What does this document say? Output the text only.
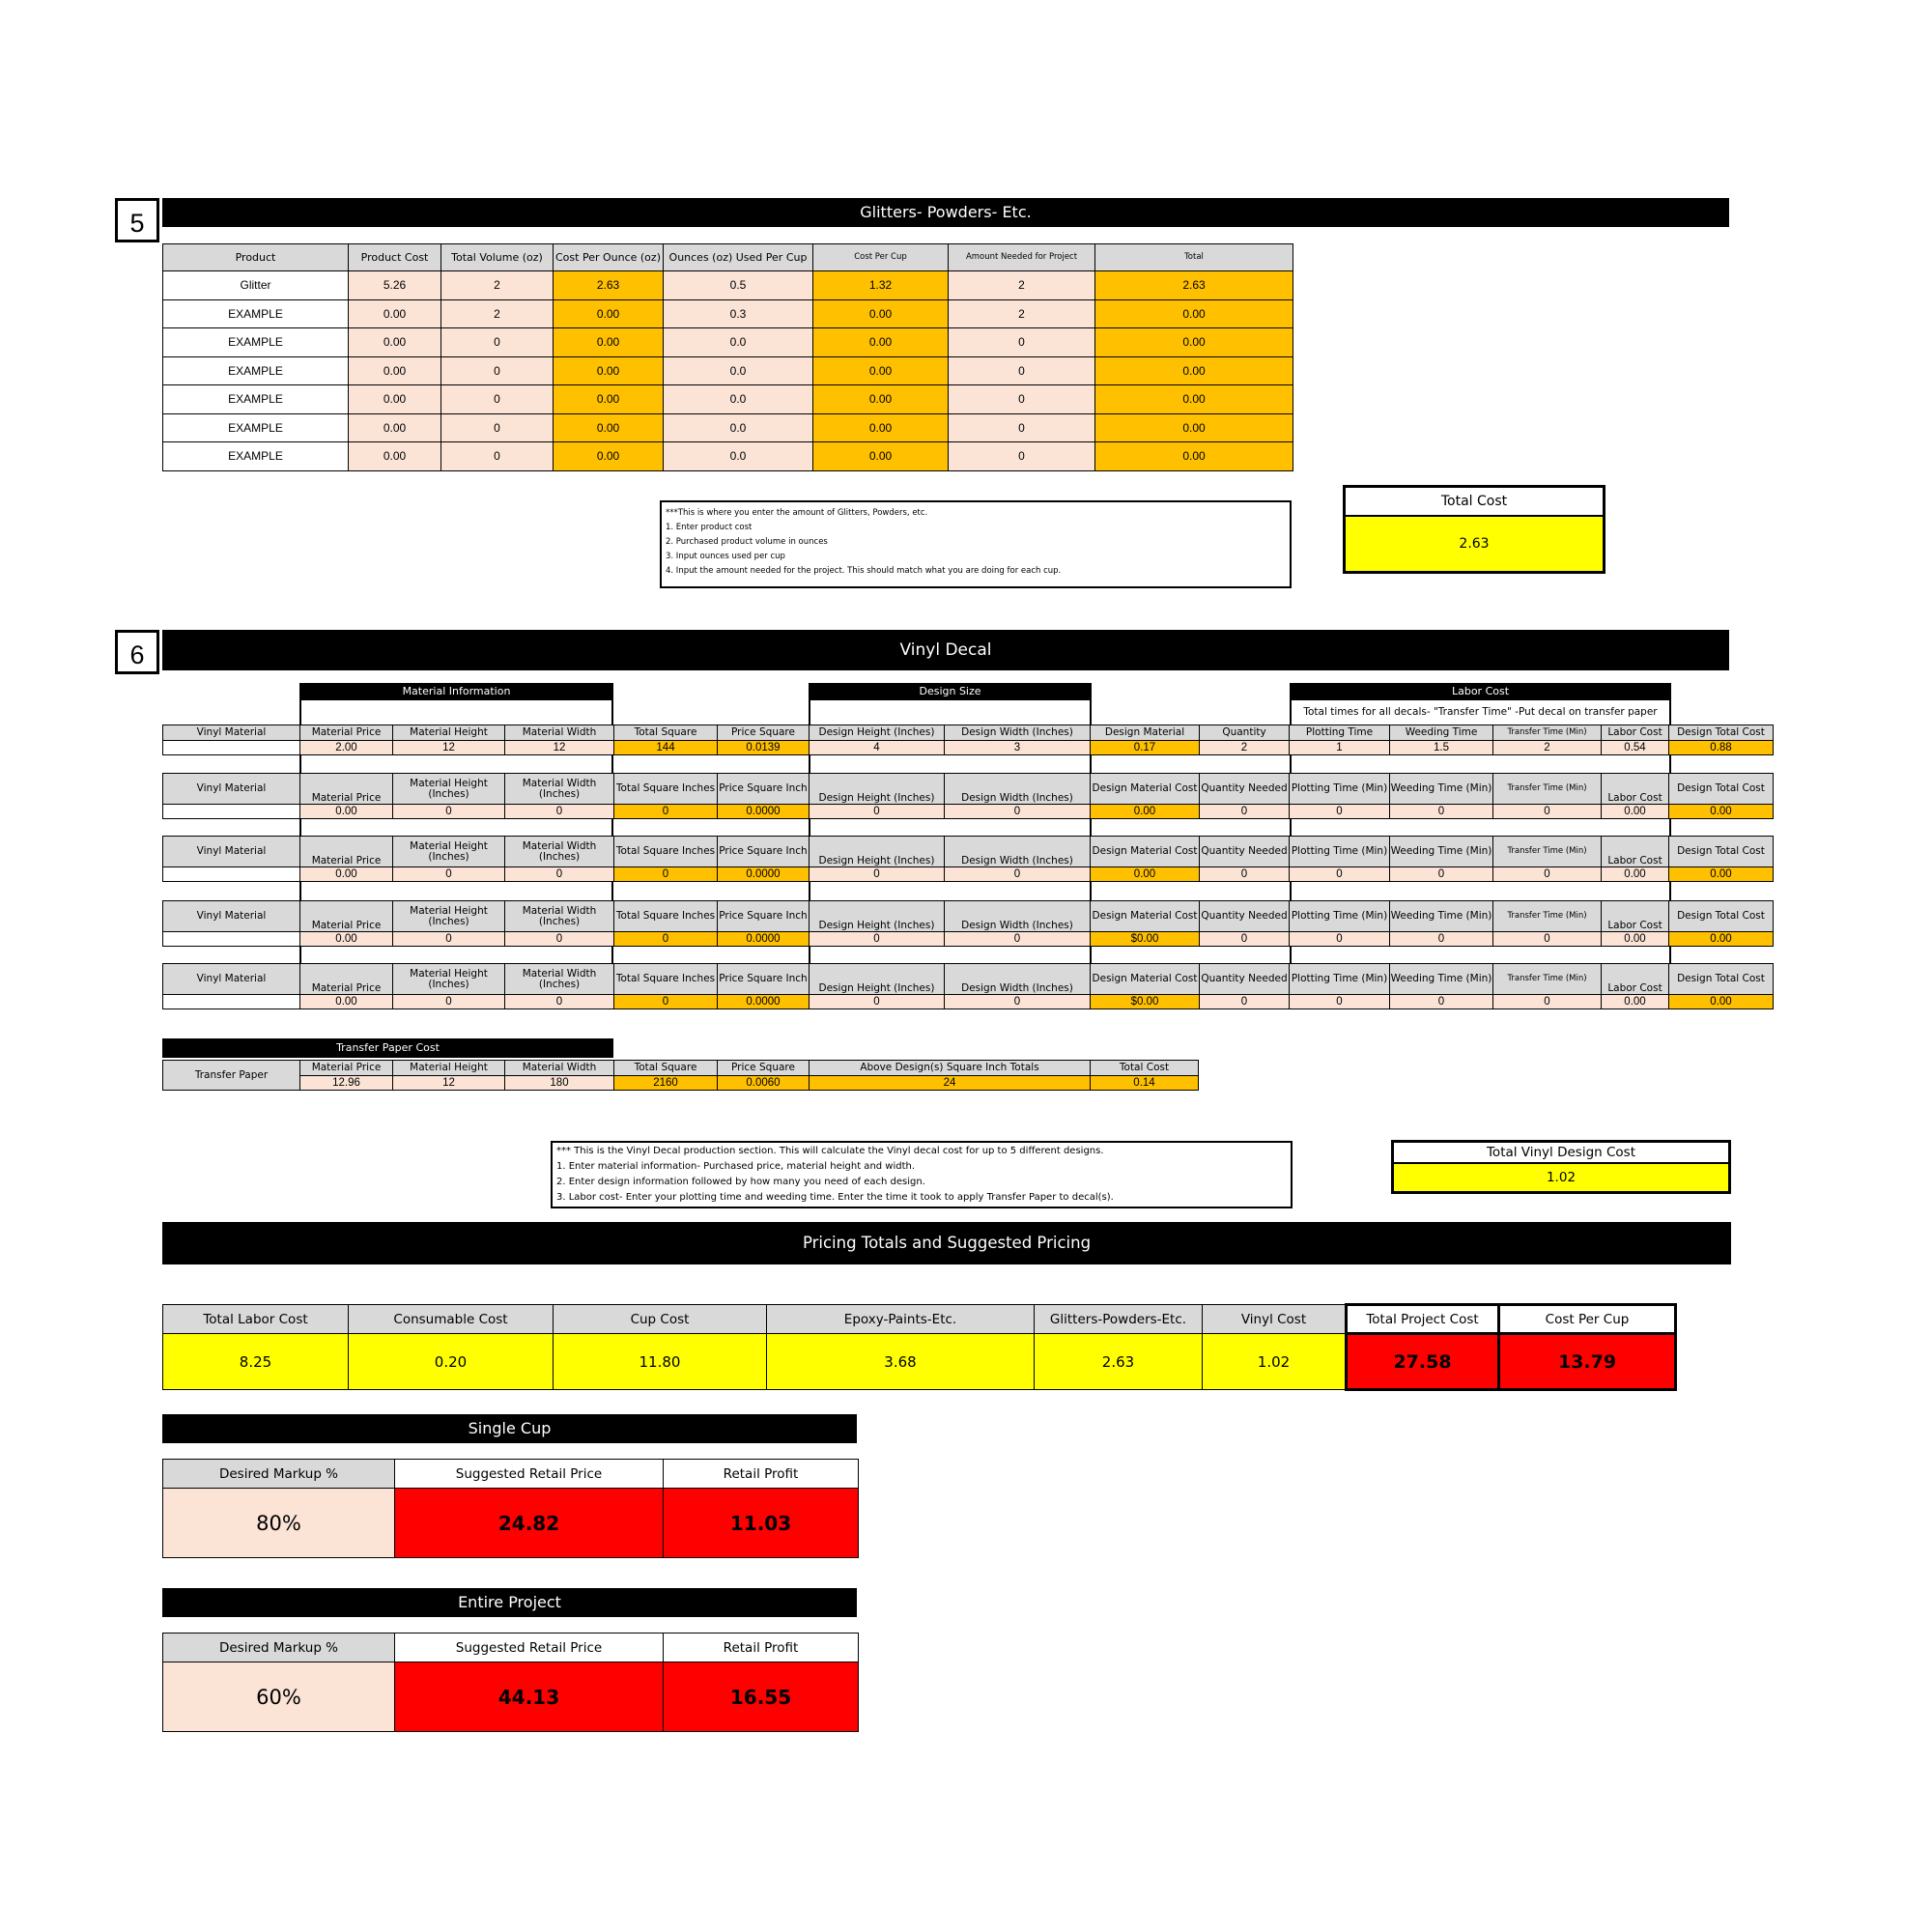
5	Glitters- Powders- Etc.
Product	Product Cost	Total Volume (oz)	Cost Per Ounce (oz)	Ounces (oz) Used Per Cup	Cost Per Cup	Amount Needed for Project	Total
Glitter	5.26	2	2.63	0.5	1.32	2	2.63
EXAMPLE	0.00	2	0.00	0.3	0.00	2	0.00
EXAMPLE	0.00	0	0.00	0.0	0.00	0	0.00
EXAMPLE	0.00	0	0.00	0.0	0.00	0	0.00
EXAMPLE	0.00	0	0.00	0.0	0.00	0	0.00
EXAMPLE	0.00	0	0.00	0.0	0.00	0	0.00
EXAMPLE	0.00	0	0.00	0.0	0.00	0	0.00
***This is where you enter the amount of Glitters, Powders, etc.
1. Enter product cost
2. Purchased product volume in ounces
3. Input ounces used per cup
4. Input the amount needed for the project. This should match what you are doing for each cup.
Total Cost
2.63
6	Vinyl Decal
Material Information	Design Size	Labor Cost
Total times for all decals- "Transfer Time" -Put decal on transfer paper
Vinyl Material	Material Price	Material Height	Material Width	Total Square	Price Square	Design Height (Inches)	Design Width (Inches)	Design Material	Quantity	Plotting Time	Weeding Time	Transfer Time (Min)	Labor Cost	Design Total Cost
	2.00	12	12	144	0.0139	4	3	0.17	2	1	1.5	2	0.54	0.88
Vinyl Material	Material Price	Material Height (Inches)	Material Width (Inches)	Total Square Inches	Price Square Inch	Design Height (Inches)	Design Width (Inches)	Design Material Cost	Quantity Needed	Plotting Time (Min)	Weeding Time (Min)	Transfer Time (Min)	Labor Cost	Design Total Cost
	0.00	0	0	0	0.0000	0	0	0.00	0	0	0	0	0.00	0.00
Vinyl Material	Material Price	Material Height (Inches)	Material Width (Inches)	Total Square Inches	Price Square Inch	Design Height (Inches)	Design Width (Inches)	Design Material Cost	Quantity Needed	Plotting Time (Min)	Weeding Time (Min)	Transfer Time (Min)	Labor Cost	Design Total Cost
	0.00	0	0	0	0.0000	0	0	0.00	0	0	0	0	0.00	0.00
Vinyl Material	Material Price	Material Height (Inches)	Material Width (Inches)	Total Square Inches	Price Square Inch	Design Height (Inches)	Design Width (Inches)	Design Material Cost	Quantity Needed	Plotting Time (Min)	Weeding Time (Min)	Transfer Time (Min)	Labor Cost	Design Total Cost
	0.00	0	0	0	0.0000	0	0	$0.00	0	0	0	0	0.00	0.00
Vinyl Material	Material Price	Material Height (Inches)	Material Width (Inches)	Total Square Inches	Price Square Inch	Design Height (Inches)	Design Width (Inches)	Design Material Cost	Quantity Needed	Plotting Time (Min)	Weeding Time (Min)	Transfer Time (Min)	Labor Cost	Design Total Cost
	0.00	0	0	0	0.0000	0	0	$0.00	0	0	0	0	0.00	0.00
Transfer Paper Cost
Transfer Paper	Material Price	Material Height	Material Width	Total Square	Price Square	Above Design(s) Square Inch Totals	Total Cost
	12.96	12	180	2160	0.0060	24	0.14
*** This is the Vinyl Decal production section. This will calculate the Vinyl decal cost for up to 5 different designs.
1. Enter material information- Purchased price, material height and width.
2. Enter design information followed by how many you need of each design.
3. Labor cost- Enter your plotting time and weeding time. Enter the time it took to apply Transfer Paper to decal(s).
Total Vinyl Design Cost
1.02
Pricing Totals and Suggested Pricing
Total Labor Cost	Consumable Cost	Cup Cost	Epoxy-Paints-Etc.	Glitters-Powders-Etc.	Vinyl Cost	Total Project Cost	Cost Per Cup
8.25	0.20	11.80	3.68	2.63	1.02	27.58	13.79
Single Cup
Desired Markup %	Suggested Retail Price	Retail Profit
80%	24.82	11.03
Entire Project
Desired Markup %	Suggested Retail Price	Retail Profit
60%	44.13	16.55
